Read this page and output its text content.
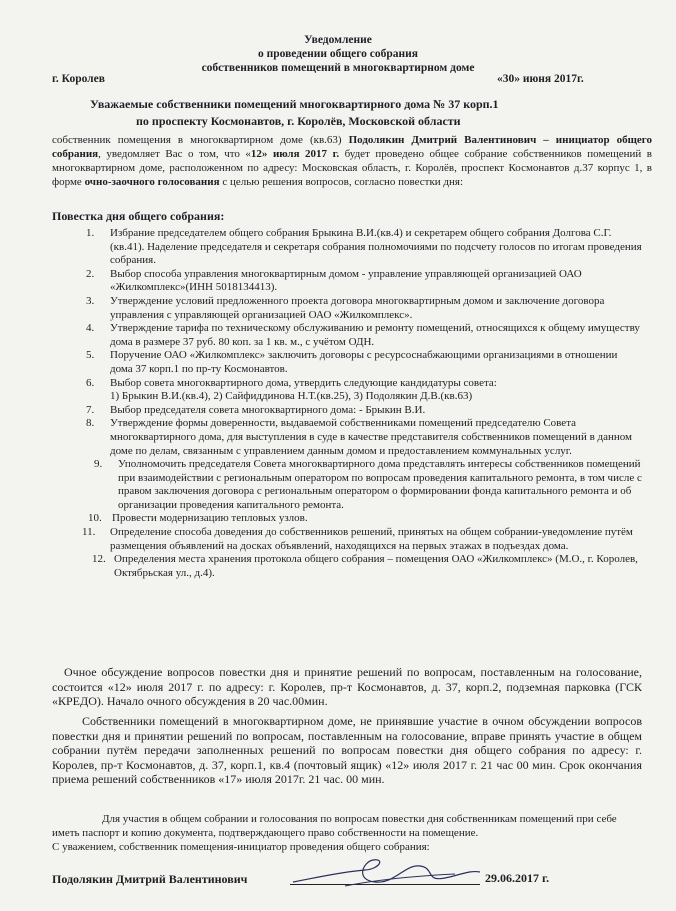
Уведомление
о проведении общего собрания
собственников помещений в многоквартирном доме
г. Королев	«30» июня 2017г.
Уважаемые собственники помещений многоквартирного дома № 37 корп.1
по проспекту Космонавтов, г. Королёв, Московской области
собственник помещения в многоквартирном доме (кв.63) Подолякин Дмитрий Валентинович – инициатор общего собрания, уведомляет Вас о том, что «12» июля 2017 г. будет проведено общее собрание собственников помещений в многоквартирном доме, расположенном по адресу: Московская область, г. Королёв, проспект Космонавтов д.37 корпус 1, в форме очно-заочного голосования с целью решения вопросов, согласно повестки дня:
Повестка дня общего собрания:
1. Избрание председателем общего собрания Брыкина В.И.(кв.4) и секретарем общего собрания Долгова С.Г.(кв.41). Наделение председателя и секретаря собрания полномочиями по подсчету голосов по итогам проведения собрания.
2. Выбор способа управления многоквартирным домом - управление управляющей организацией ОАО «Жилкомплекс»(ИНН 5018134413).
3. Утверждение условий предложенного проекта договора многоквартирным домом и заключение договора управления с управляющей организацией ОАО «Жилкомплекс».
4. Утверждение тарифа по техническому обслуживанию и ремонту помещений, относящихся к общему имуществу дома в размере 37 руб. 80 коп. за 1 кв. м., с учётом ОДН.
5. Поручение ОАО «Жилкомплекс» заключить договоры с ресурсоснабжающими организациями в отношении дома 37 корп.1 по пр-ту Космонавтов.
6. Выбор совета многоквартирного дома, утвердить следующие кандидатуры совета:
1) Брыкин В.И.(кв.4), 2) Сайфиддинова Н.Т.(кв.25), 3) Подолякин Д.В.(кв.63)
7. Выбор председателя совета многоквартирного дома: - Брыкин В.И.
8. Утверждение формы доверенности, выдаваемой собственниками помещений председателю Совета многоквартирного дома, для выступления в суде в качестве представителя собственников помещений в данном доме по делам, связанным с управлением данным домом и предоставлением коммунальных услуг.
9. Уполномочить председателя Совета многоквартирного дома представлять интересы собственников помещений при взаимодействии с региональным оператором по вопросам проведения капитального ремонта, в том числе с правом заключения договора с региональным оператором о формировании фонда капитального ремонта и об организации проведения капитального ремонта.
10. Провести модернизацию тепловых узлов.
11. Определение способа доведения до собственников решений, принятых на общем собрании-уведомление путём размещения объявлений на досках объявлений, находящихся на первых этажах в подъездах дома.
12. Определения места хранения протокола общего собрания – помещения ОАО «Жилкомплекс» (М.О., г. Королев, Октябрьская ул., д.4).
Очное обсуждение вопросов повестки дня и принятие решений по вопросам, поставленным на голосование, состоится «12» июля 2017 г. по адресу: г. Королев, пр-т Космонавтов, д. 37, корп.2, подземная парковка (ГСК «КРЕДО). Начало очного обсуждения в 20 час.00мин.
Собственники помещений в многоквартирном доме, не принявшие участие в очном обсуждении вопросов повестки дня и принятии решений по вопросам, поставленным на голосование, вправе принять участие в общем собрании путём передачи заполненных решений по вопросам повестки дня общего собрания по адресу: г. Королев, пр-т Космонавтов, д. 37, корп.1, кв.4 (почтовый ящик) «12» июля 2017 г. 21 час 00 мин. Срок окончания приема решений собственников «17» июля 2017г. 21 час. 00 мин.
Для участия в общем собрании и голосования по вопросам повестки дня собственникам помещений при себе иметь паспорт и копию документа, подтверждающего право собственности на помещение.
С уважением, собственник помещения-инициатор проведения общего собрания:
Подолякин Дмитрий Валентинович	29.06.2017 г.
